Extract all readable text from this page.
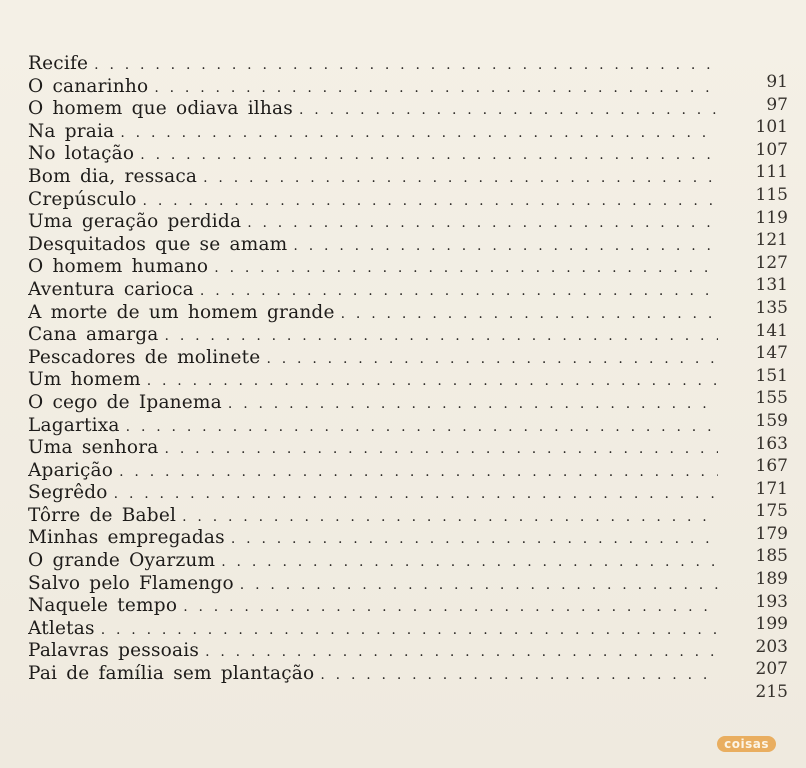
Recife
. . .
91
O canarinho
. . .
97
O homem que odiava ilhas
. . .
101
Na praia
. . .
107
No lotação
. . .
111
Bom dia, ressaca
. . .
115
Crepúsculo
. . .
119
Uma geração perdida
. . .
121
Desquitados que se amam
. . .
127
O homem humano
. . .
131
Aventura carioca
. . .
135
A morte de um homem grande
. . .
141
Cana amarga
. . .
147
Pescadores de molinete
. . .
151
Um homem
. . .
155
O cego de Ipanema
. . .
159
Lagartixa
. . .
163
Uma senhora
. . .
167
Aparição
. . .
171
Segrêdo
. . .
175
Tôrre de Babel
. . .
179
Minhas empregadas
. . .
185
O grande Oyarzum
. . .
189
Salvo pelo Flamengo
. . .
193
Naquele tempo
. . .
199
Atletas
. . .
203
Palavras pessoais
. . .
207
Pai de família sem plantação
. . .
215
coisas
